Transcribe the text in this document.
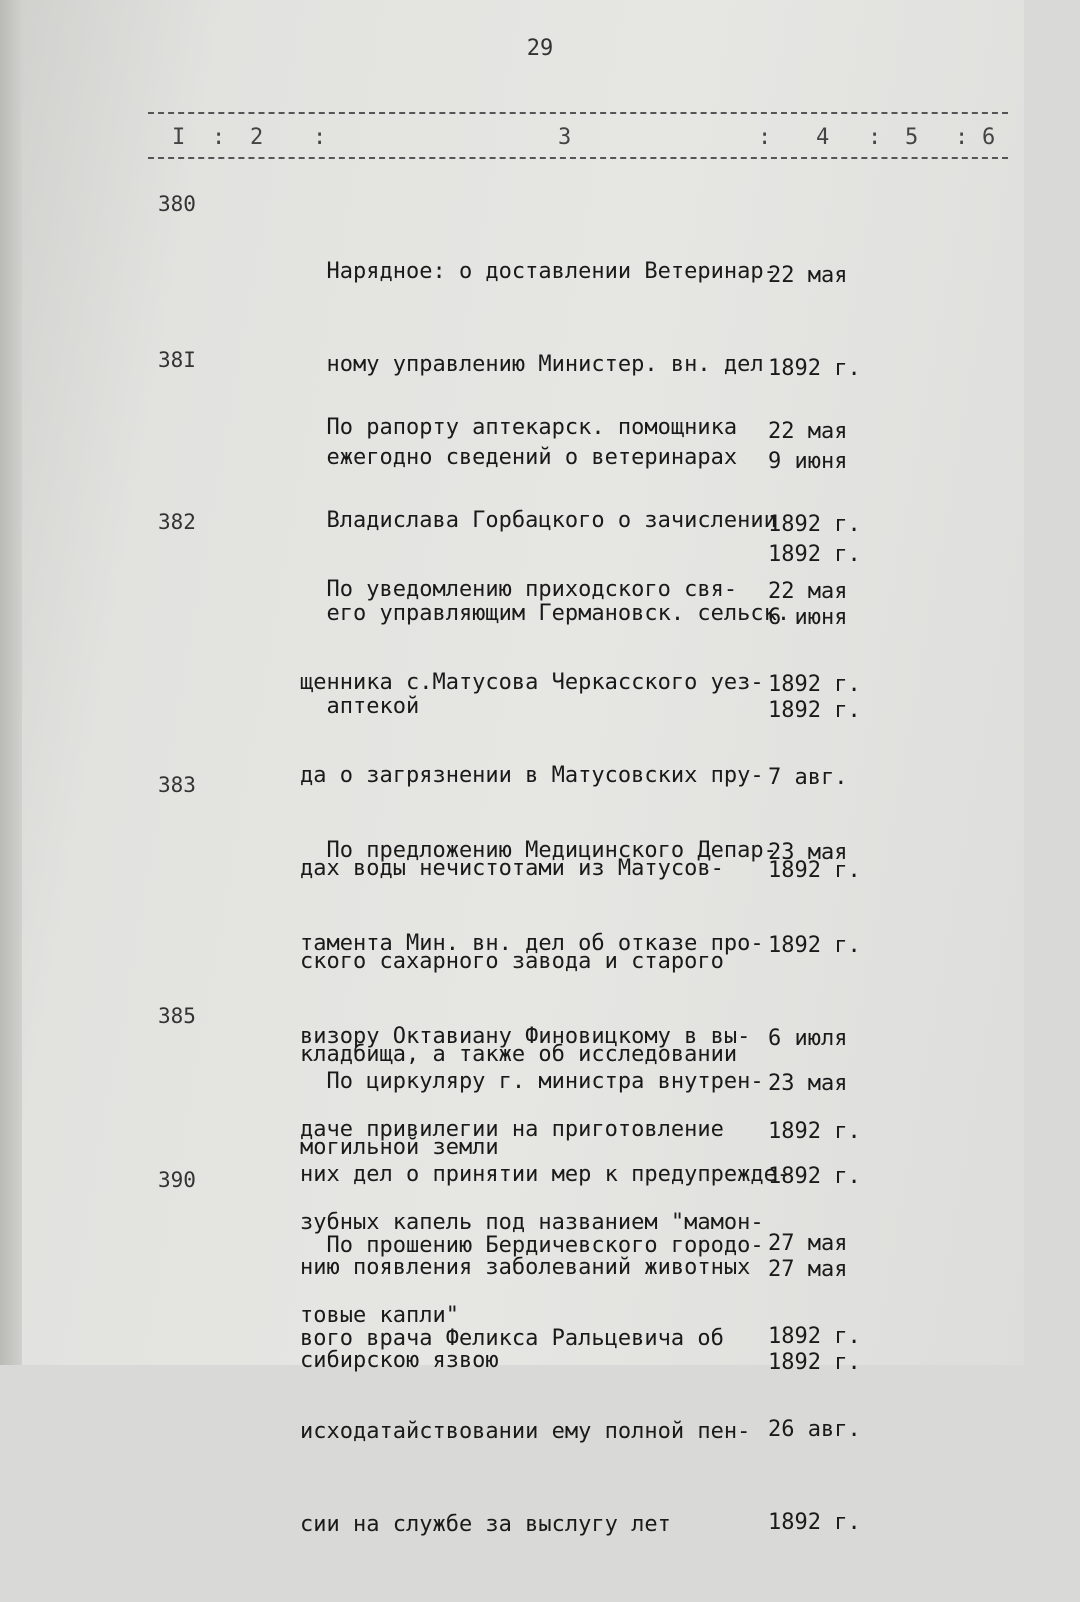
29
I : 2 :	3	: 4 : 5 : 6
380

Нарядное: о доставлении Ветеринар-

ному управлению Министер. вн. дел

ежегодно сведений о ветеринарах

22 мая

1892 г.

9 июня

1892 г.

38I

По рапорту аптекарск. помощника

Владислава Горбацкого о зачислении

его управляющим Германовск. сельск.

аптекой

22 мая

1892 г.

6 июня

1892 г.

382

По уведомлению приходского свя-

щенника с.Матусова Черкасского уез-

да о загрязнении в Матусовских пру-

дах воды нечистотами из Матусов-

ского сахарного завода и старого

кладбища, а также об исследовании

могильной земли

22 мая

1892 г.

7 авг.

1892 г.

383

По предложению Медицинского Депар-

тамента Мин. вн. дел об отказе про-

визору Октавиану Финовицкому в вы-

даче привилегии на приготовление

зубных капель под названием "мамон-

товые капли"

23 мая

1892 г.

6 июля

1892 г.

385

По циркуляру г. министра внутрен-

них дел о принятии мер к предупрежде-

нию появления заболеваний животных

сибирскою язвою

23 мая

1892 г.

27 мая

1892 г.

390

По прошению Бердичевского городо-

вого врача Феликса Ральцевича об

исходатайствовании ему полной пен-

сии на службе за выслугу лет

27 мая

1892 г.

26 авг.

1892 г.
